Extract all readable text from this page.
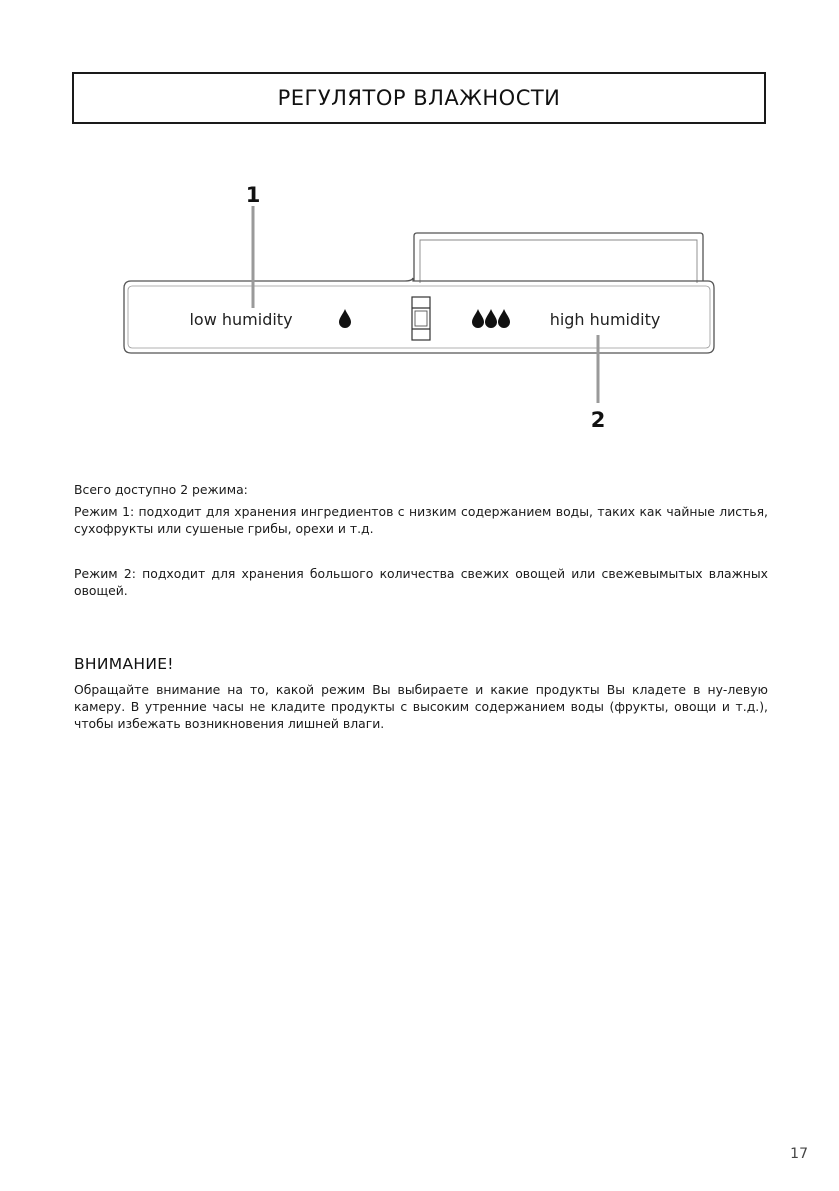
РЕГУЛЯТОР ВЛАЖНОСТИ
1
2
low humidity	high humidity
Всего доступно 2 режима:
Режим 1: подходит для хранения ингредиентов с низким содержанием воды, таких как чайные листья, сухофрукты или сушеные грибы, орехи и т.д.
Режим 2: подходит для хранения большого количества свежих овощей или свежевымытых влажных овощей.
ВНИМАНИЕ!
Обращайте внимание на то, какой режим Вы выбираете и какие продукты Вы кладете в ну-левую камеру. В утренние часы не кладите продукты с высоким содержанием воды (фрукты, овощи и т.д.), чтобы избежать возникновения лишней влаги.
17
